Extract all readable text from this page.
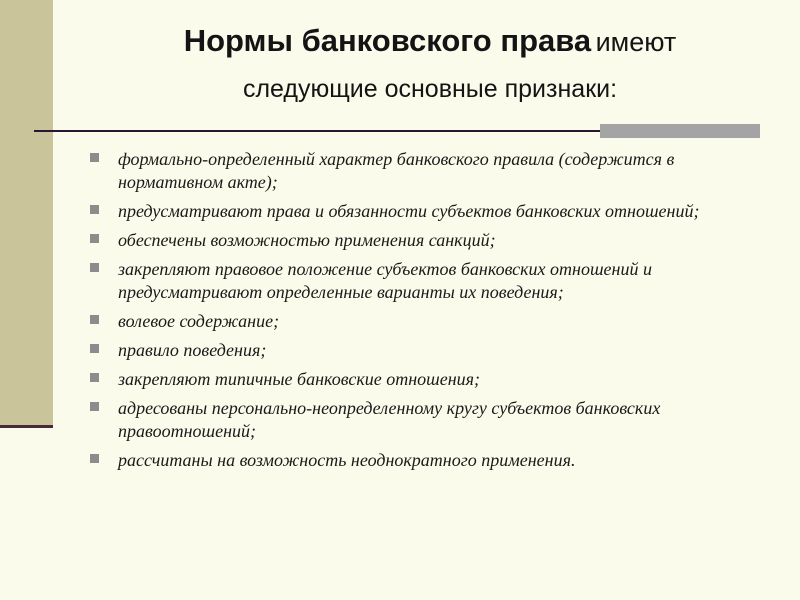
Нормы банковского права имеют
следующие основные признаки:
формально-определенный характер банковского правила (содержится в нормативном акте);
предусматривают права и обязанности субъектов банковских отношений;
обеспечены возможностью применения санкций;
закрепляют правовое положение субъектов банковских отношений и предусматривают определенные варианты их поведения;
волевое содержание;
правило поведения;
закрепляют типичные банковские отношения;
адресованы персонально-неопределенному кругу субъектов банковских правоотношений;
рассчитаны на возможность неоднократного применения.
